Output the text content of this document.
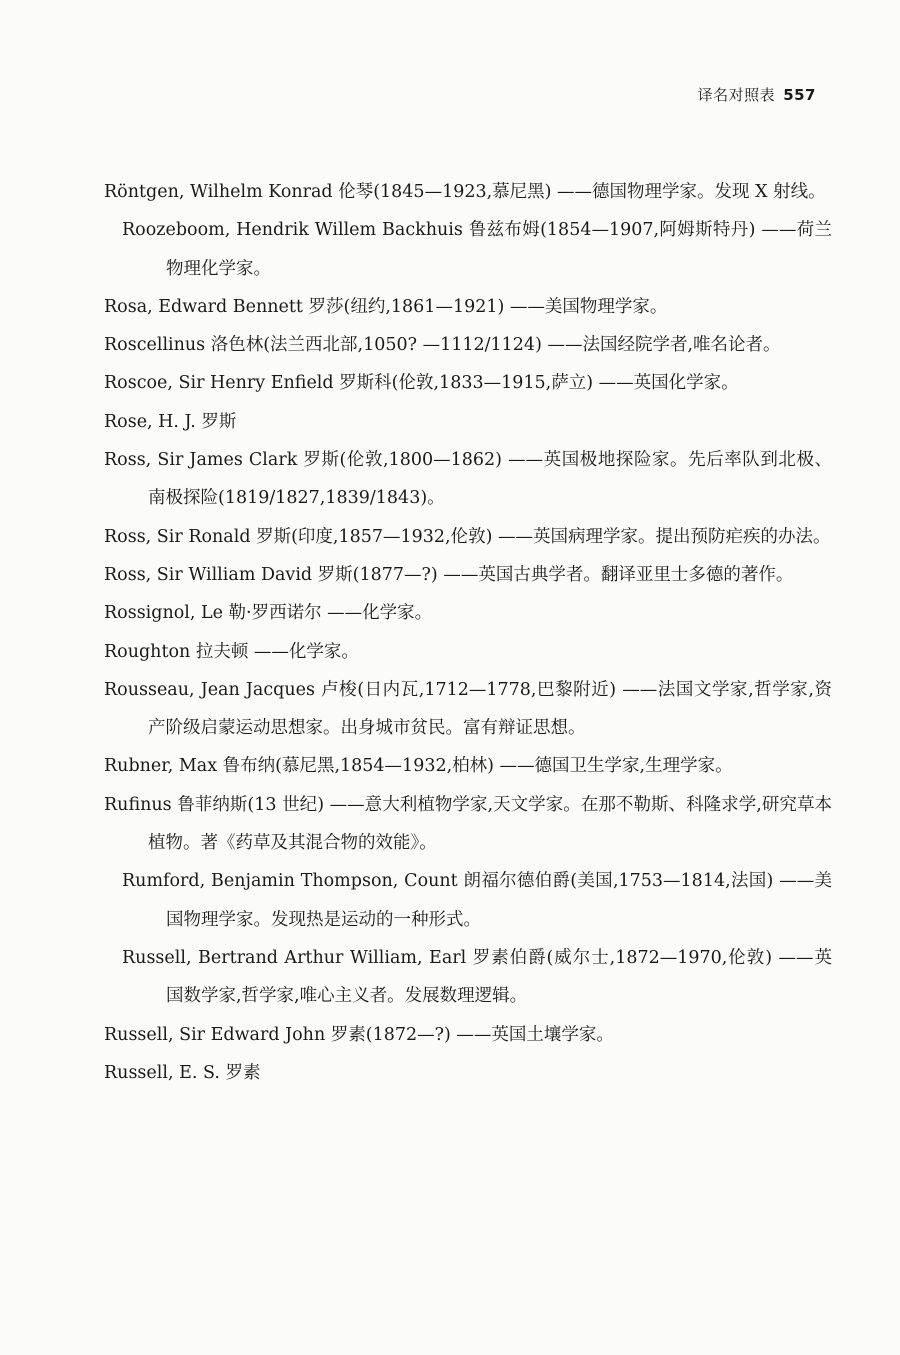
译名对照表 557

Röntgen, Wilhelm Konrad 伦琴(1845—1923,慕尼黑) ——德国物理学家。发现 X 射线。

Roozeboom, Hendrik Willem Backhuis 鲁兹布姆(1854—1907,阿姆斯特丹) ——荷兰物理化学家。

Rosa, Edward Bennett 罗莎(纽约,1861—1921) ——美国物理学家。

Roscellinus 洛色林(法兰西北部,1050? —1112/1124) ——法国经院学者,唯名论者。

Roscoe, Sir Henry Enfield 罗斯科(伦敦,1833—1915,萨立) ——英国化学家。

Rose, H. J. 罗斯

Ross, Sir James Clark 罗斯(伦敦,1800—1862) ——英国极地探险家。先后率队到北极、南极探险(1819/1827,1839/1843)。

Ross, Sir Ronald 罗斯(印度,1857—1932,伦敦) ——英国病理学家。提出预防疟疾的办法。

Ross, Sir William David 罗斯(1877—?) ——英国古典学者。翻译亚里士多德的著作。

Rossignol, Le 勒·罗西诺尔 ——化学家。

Roughton 拉夫顿 ——化学家。

Rousseau, Jean Jacques 卢梭(日内瓦,1712—1778,巴黎附近) ——法国文学家,哲学家,资产阶级启蒙运动思想家。出身城市贫民。富有辩证思想。

Rubner, Max 鲁布纳(慕尼黑,1854—1932,柏林) ——德国卫生学家,生理学家。

Rufinus 鲁菲纳斯(13 世纪) ——意大利植物学家,天文学家。在那不勒斯、科隆求学,研究草本植物。著《药草及其混合物的效能》。

Rumford, Benjamin Thompson, Count 朗福尔德伯爵(美国,1753—1814,法国) ——美国物理学家。发现热是运动的一种形式。

Russell, Bertrand Arthur William, Earl 罗素伯爵(威尔士,1872—1970,伦敦) ——英国数学家,哲学家,唯心主义者。发展数理逻辑。

Russell, Sir Edward John 罗素(1872—?) ——英国土壤学家。

Russell, E. S. 罗素
